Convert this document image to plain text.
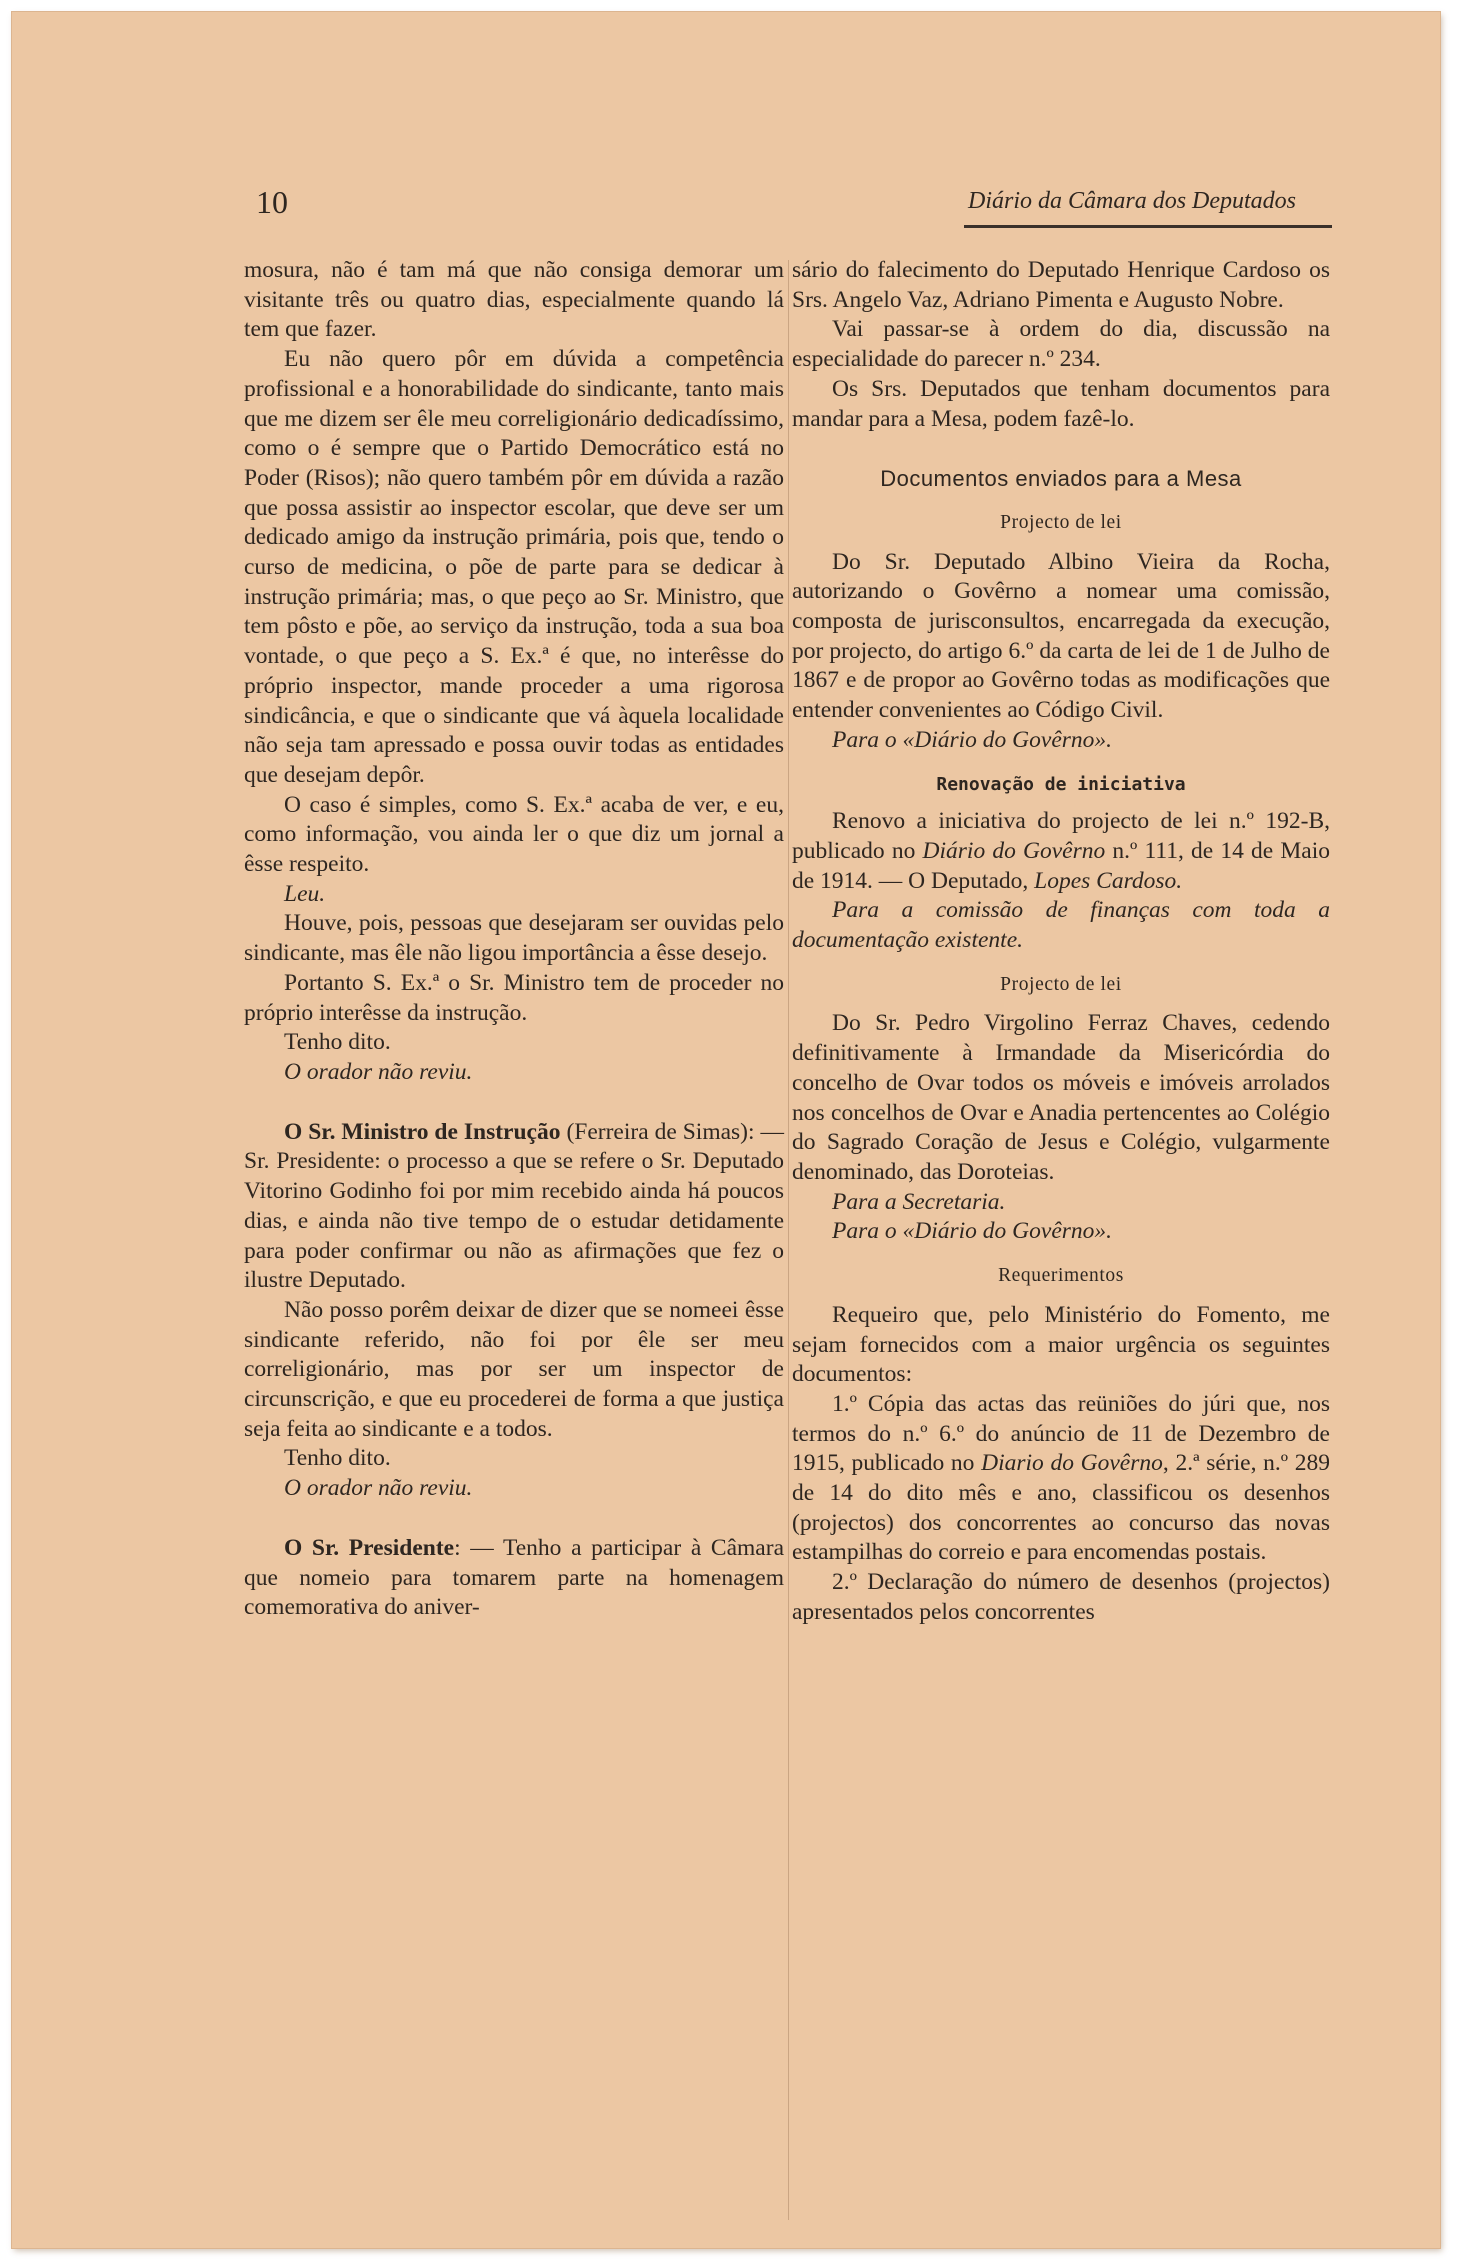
10	Diário da Câmara dos Deputados

mosura, não é tam má que não consiga demorar um visitante três ou quatro dias, especialmente quando lá tem que fazer.

Eu não quero pôr em dúvida a competência profissional e a honorabilidade do sindicante, tanto mais que me dizem ser êle meu correligionário dedicadíssimo, como o é sempre que o Partido Democrático está no Poder (Risos); não quero também pôr em dúvida a razão que possa assistir ao inspector escolar, que deve ser um dedicado amigo da instrução primária, pois que, tendo o curso de medicina, o põe de parte para se dedicar à instrução primária; mas, o que peço ao Sr. Ministro, que tem pôsto e põe, ao serviço da instrução, toda a sua boa vontade, o que peço a S. Ex.ª é que, no interêsse do próprio inspector, mande proceder a uma rigorosa sindicância, e que o sindicante que vá àquela localidade não seja tam apressado e possa ouvir todas as entidades que desejam depôr.

O caso é simples, como S. Ex.ª acaba de ver, e eu, como informação, vou ainda ler o que diz um jornal a êsse respeito.

Leu.

Houve, pois, pessoas que desejaram ser ouvidas pelo sindicante, mas êle não ligou importância a êsse desejo.

Portanto S. Ex.ª o Sr. Ministro tem de proceder no próprio interêsse da instrução.

Tenho dito.

O orador não reviu.

O Sr. Ministro de Instrução (Ferreira de Simas): — Sr. Presidente: o processo a que se refere o Sr. Deputado Vitorino Godinho foi por mim recebido ainda há poucos dias, e ainda não tive tempo de o estudar detidamente para poder confirmar ou não as afirmações que fez o ilustre Deputado.

Não posso porêm deixar de dizer que se nomeei êsse sindicante referido, não foi por êle ser meu correligionário, mas por ser um inspector de circunscrição, e que eu procederei de forma a que justiça seja feita ao sindicante e a todos.

Tenho dito.

O orador não reviu.

O Sr. Presidente: — Tenho a participar à Câmara que nomeio para tomarem parte na homenagem comemorativa do aniver-

sário do falecimento do Deputado Henrique Cardoso os Srs. Angelo Vaz, Adriano Pimenta e Augusto Nobre.

Vai passar-se à ordem do dia, discussão na especialidade do parecer n.º 234.

Os Srs. Deputados que tenham documentos para mandar para a Mesa, podem fazê-lo.

Documentos enviados para a Mesa
Projecto de lei

Do Sr. Deputado Albino Vieira da Rocha, autorizando o Govêrno a nomear uma comissão, composta de jurisconsultos, encarregada da execução, por projecto, do artigo 6.º da carta de lei de 1 de Julho de 1867 e de propor ao Govêrno todas as modificações que entender convenientes ao Código Civil.

Para o «Diário do Govêrno».

Renovação de iniciativa

Renovo a iniciativa do projecto de lei n.º 192-B, publicado no Diário do Govêrno n.º 111, de 14 de Maio de 1914. — O Deputado, Lopes Cardoso.

Para a comissão de finanças com toda a documentação existente.

Projecto de lei

Do Sr. Pedro Virgolino Ferraz Chaves, cedendo definitivamente à Irmandade da Misericórdia do concelho de Ovar todos os móveis e imóveis arrolados nos concelhos de Ovar e Anadia pertencentes ao Colégio do Sagrado Coração de Jesus e Colégio, vulgarmente denominado, das Doroteias.

Para a Secretaria.

Para o «Diário do Govêrno».

Requerimentos

Requeiro que, pelo Ministério do Fomento, me sejam fornecidos com a maior urgência os seguintes documentos:

1.º Cópia das actas das reüniões do júri que, nos termos do n.º 6.º do anúncio de 11 de Dezembro de 1915, publicado no Diario do Govêrno, 2.ª série, n.º 289 de 14 do dito mês e ano, classificou os desenhos (projectos) dos concorrentes ao concurso das novas estampilhas do correio e para encomendas postais.

2.º Declaração do número de desenhos (projectos) apresentados pelos concorrentes
